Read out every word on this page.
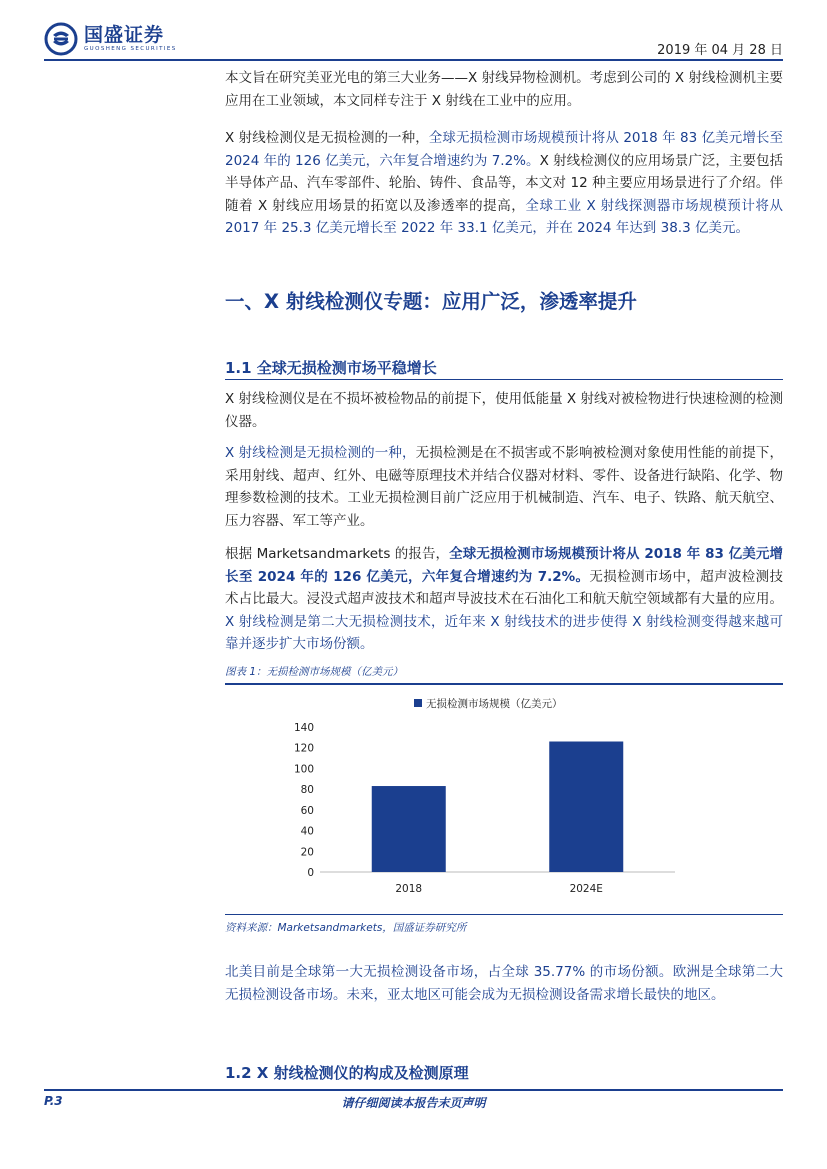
国盛证券
GUOSHENG SECURITIES	2019 年 04 月 28 日
本文旨在研究美亚光电的第三大业务——X 射线异物检测机。考虑到公司的 X 射线检测机主要应用在工业领域，本文同样专注于 X 射线在工业中的应用。
X 射线检测仪是无损检测的一种，全球无损检测市场规模预计将从 2018 年 83 亿美元增长至 2024 年的 126 亿美元，六年复合增速约为 7.2%。X 射线检测仪的应用场景广泛，主要包括半导体产品、汽车零部件、轮胎、铸件、食品等，本文对 12 种主要应用场景进行了介绍。伴随着 X 射线应用场景的拓宽以及渗透率的提高，全球工业 X 射线探测器市场规模预计将从 2017 年 25.3 亿美元增长至 2022 年 33.1 亿美元，并在 2024 年达到 38.3 亿美元。
一、X 射线检测仪专题：应用广泛，渗透率提升
1.1 全球无损检测市场平稳增长
X 射线检测仪是在不损坏被检物品的前提下，使用低能量 X 射线对被检物进行快速检测的检测仪器。
X 射线检测是无损检测的一种，无损检测是在不损害或不影响被检测对象使用性能的前提下，采用射线、超声、红外、电磁等原理技术并结合仪器对材料、零件、设备进行缺陷、化学、物理参数检测的技术。工业无损检测目前广泛应用于机械制造、汽车、电子、铁路、航天航空、压力容器、军工等产业。
根据 Marketsandmarkets 的报告，全球无损检测市场规模预计将从 2018 年 83 亿美元增长至 2024 年的 126 亿美元，六年复合增速约为 7.2%。无损检测市场中，超声波检测技术占比最大。浸没式超声波技术和超声导波技术在石油化工和航天航空领域都有大量的应用。X 射线检测是第二大无损检测技术，近年来 X 射线技术的进步使得 X 射线检测变得越来越可靠并逐步扩大市场份额。
图表 1：无损检测市场规模（亿美元）
无损检测市场规模（亿美元）
0
20
40
60
80
100
120
140
2018	2024E
资料来源：Marketsandmarkets，国盛证券研究所
北美目前是全球第一大无损检测设备市场，占全球 35.77% 的市场份额。欧洲是全球第二大无损检测设备市场。未来，亚太地区可能会成为无损检测设备需求增长最快的地区。
1.2 X 射线检测仪的构成及检测原理
请仔细阅读本报告末页声明
P.3
